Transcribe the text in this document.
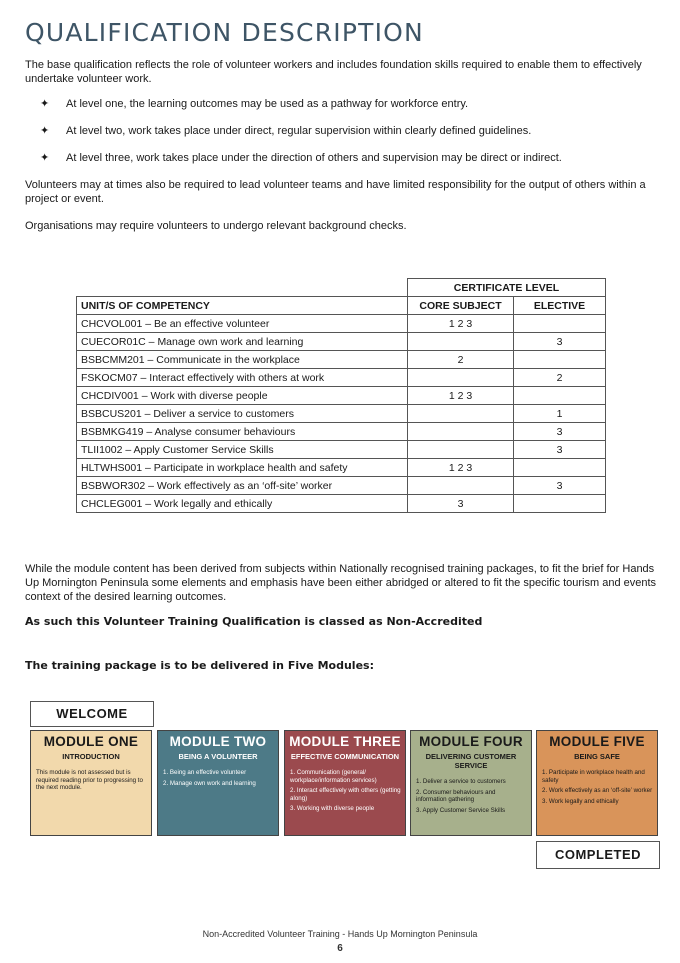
QUALIFICATION DESCRIPTION

The base qualification reflects the role of volunteer workers and includes foundation skills required to enable them to effectively undertake volunteer work.

✦ At level one, the learning outcomes may be used as a pathway for workforce entry.
✦ At level two, work takes place under direct, regular supervision within clearly defined guidelines.
✦ At level three, work takes place under the direction of others and supervision may be direct or indirect.

Volunteers may at times also be required to lead volunteer teams and have limited responsibility for the output of others within a project or event.

Organisations may require volunteers to undergo relevant background checks.

	CERTIFICATE LEVEL	
UNIT/S OF COMPETENCY	CORE SUBJECT	ELECTIVE
CHCVOL001 – Be an effective volunteer	1 2 3	
CUECOR01C – Manage own work and learning		3
BSBCMM201 – Communicate in the workplace	2	
FSKOCM07 – Interact effectively with others at work		2
CHCDIV001 – Work with diverse people	1 2 3	
BSBCUS201 – Deliver a service to customers		1
BSBMKG419 – Analyse consumer behaviours		3
TLII1002 – Apply Customer Service Skills		3
HLTWHS001 – Participate in workplace health and safety	1 2 3	
BSBWOR302 – Work effectively as an ‘off-site’ worker		3
CHCLEG001 – Work legally and ethically	3	

While the module content has been derived from subjects within Nationally recognised training packages, to fit the brief for Hands Up Mornington Peninsula some elements and emphasis have been either abridged or altered to fit the specific tourism and events context of the desired learning outcomes.

As such this Volunteer Training Qualification is classed as Non-Accredited

The training package is to be delivered in Five Modules:

WELCOME
MODULE ONE
INTRODUCTION
This module is not assessed but is required reading prior to progressing to the next module.
MODULE TWO
BEING A VOLUNTEER
1. Being an effective volunteer
2. Manage own work and learning
MODULE THREE
EFFECTIVE COMMUNICATION
1. Communication (general/ workplace/information services)
2. Interact effectively with others (getting along)
3. Working with diverse people
MODULE FOUR
DELIVERING CUSTOMER SERVICE
1. Deliver a service to customers
2. Consumer behaviours and information gathering
3. Apply Customer Service Skills
MODULE FIVE
BEING SAFE
1. Participate in workplace health and safety
2. Work effectively as an ‘off-site’ worker
3. Work legally and ethically
COMPLETED
Non-Accredited Volunteer Training - Hands Up Mornington Peninsula
6
